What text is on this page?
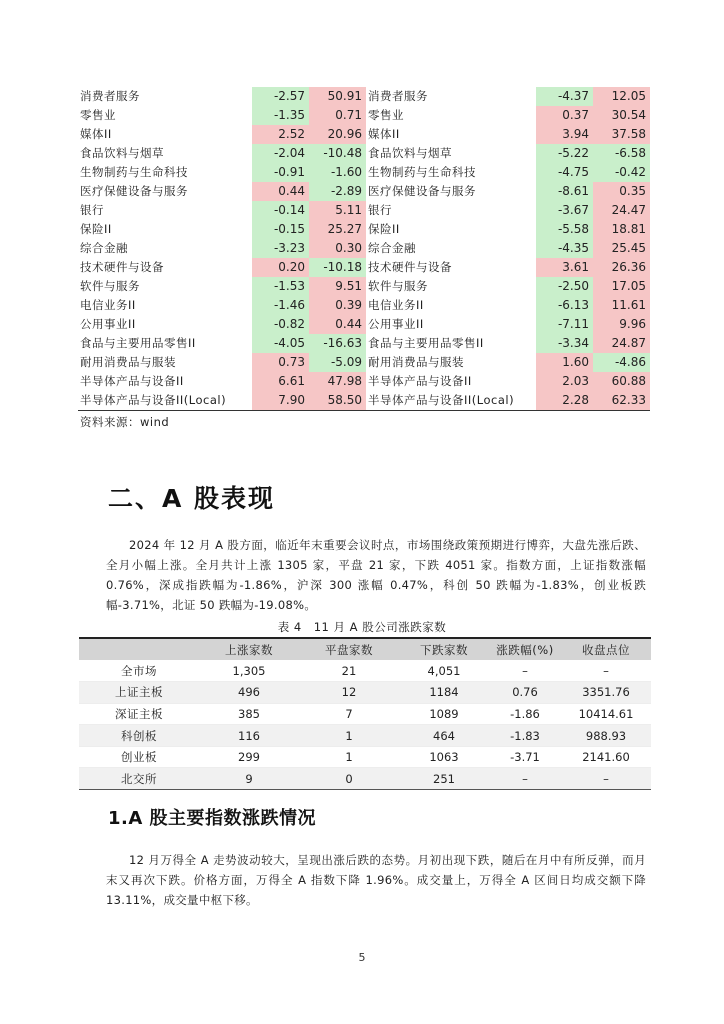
消费者服务	-2.57	50.91	消费者服务	-4.37	12.05
零售业	-1.35	0.71	零售业	0.37	30.54
媒体II	2.52	20.96	媒体II	3.94	37.58
食品饮料与烟草	-2.04	-10.48	食品饮料与烟草	-5.22	-6.58
生物制药与生命科技	-0.91	-1.60	生物制药与生命科技	-4.75	-0.42
医疗保健设备与服务	0.44	-2.89	医疗保健设备与服务	-8.61	0.35
银行	-0.14	5.11	银行	-3.67	24.47
保险II	-0.15	25.27	保险II	-5.58	18.81
综合金融	-3.23	0.30	综合金融	-4.35	25.45
技术硬件与设备	0.20	-10.18	技术硬件与设备	3.61	26.36
软件与服务	-1.53	9.51	软件与服务	-2.50	17.05
电信业务II	-1.46	0.39	电信业务II	-6.13	11.61
公用事业II	-0.82	0.44	公用事业II	-7.11	9.96
食品与主要用品零售II	-4.05	-16.63	食品与主要用品零售II	-3.34	24.87
耐用消费品与服装	0.73	-5.09	耐用消费品与服装	1.60	-4.86
半导体产品与设备II	6.61	47.98	半导体产品与设备II	2.03	60.88
半导体产品与设备II(Local)	7.90	58.50	半导体产品与设备II(Local)	2.28	62.33
资料来源：wind
二、A 股表现

2024 年 12 月 A 股方面，临近年末重要会议时点，市场围绕政策预期进行博弈，大盘先涨后跌、全月小幅上涨。全月共计上涨 1305 家，平盘 21 家，下跌 4051 家。指数方面，上证指数涨幅 0.76%，深成指跌幅为-1.86%，沪深 300 涨幅 0.47%，科创 50 跌幅为-1.83%，创业板跌幅-3.71%，北证 50 跌幅为-19.08%。

表 4　11 月 A 股公司涨跌家数
	上涨家数	平盘家数	下跌家数	涨跌幅(%)	收盘点位
全市场	1,305	21	4,051	–	–
上证主板	496	12	1184	0.76	3351.76
深证主板	385	7	1089	-1.86	10414.61
科创板	116	1	464	-1.83	988.93
创业板	299	1	1063	-3.71	2141.60
北交所	9	0	251	–	–
1.A 股主要指数涨跌情况

12 月万得全 A 走势波动较大，呈现出涨后跌的态势。月初出现下跌，随后在月中有所反弹，而月末又再次下跌。价格方面，万得全 A 指数下降 1.96%。成交量上，万得全 A 区间日均成交额下降 13.11%，成交量中枢下移。

5
